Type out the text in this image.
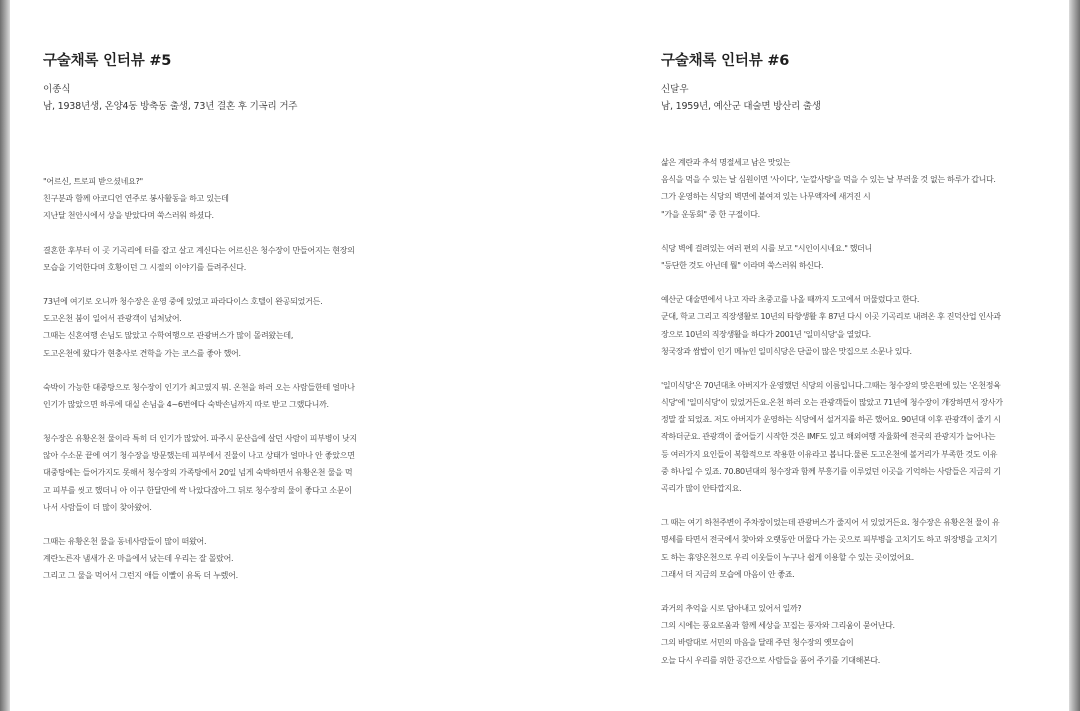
구술채록 인터뷰 #5

이종식

남, 1938년생, 온양4동 방축동 출생, 73년 결혼 후 기곡리 거주

"어르신, 트로피 받으셨네요?"
친구분과 함께 아코디언 연주로 봉사활동을 하고 있는데
지난달 천안시에서 상을 받았다며 쑥스러워 하셨다.
결혼한 후부터 이 곳 기곡리에 터를 잡고 살고 계신다는 어르신은 청수장이 만들어지는 현장의
모습을 기억한다며 호황이던 그 시절의 이야기를 들려주신다.
73년에 여기로 오니까 청수장은 운영 중에 있었고 파라다이스 호텔이 완공되었거든.
도고온천 붐이 일어서 관광객이 넘쳐났어.
그때는 신혼여행 손님도 많았고 수학여행으로 관광버스가 많이 몰려왔는데,
도고온천에 왔다가 현충사로 견학을 가는 코스를 좋아 했어.
숙박이 가능한 대중탕으로 청수장이 인기가 최고였지 뭐. 온천을 하러 오는 사람들한테 얼마나
인기가 많았으면 하루에 대실 손님을 4~6번에다 숙박손님까지 따로 받고 그랬다니까.
청수장은 유황온천 물이라 특히 더 인기가 많았어. 파주시 문산읍에 살던 사람이 피부병이 낫지
않아 수소문 끝에 여기 청수장을 방문했는데 피부에서 진물이 나고 상태가 얼마나 안 좋았으면
대중탕에는 들어가지도 못해서 청수장의 가족탕에서 20일 넘게 숙박하면서 유황온천 물을 먹
고 피부를 씻고 했더니 아 이구 한달만에 싹 나았다잖아.그 뒤로 청수장의 물이 좋다고 소문이
나서 사람들이 더 많이 찾아왔어.
그때는 유황온천 물을 동네사람들이 많이 떠왔어.
계란노른자 냄새가 온 마을에서 났는데 우리는 잘 몰랐어.
그리고 그 물을 먹어서 그런지 애들 이빨이 유독 더 누렜어.
구술채록 인터뷰 #6

신달우

남, 1959년, 예산군 대술면 방산리 출생

삶은 계란과 추석 명절세고 남은 맛있는
음식을 먹을 수 있는 날 심원이면 '사이다', '눈깔사탕'을 먹을 수 있는 날 부러울 것 없는 하루가 갑니다.
그가 운영하는 식당의 벽면에 붙여져 있는 나무액자에 새겨진 시
"가을 운동회" 중 한 구절이다.
식당 벽에 걸려있는 여러 편의 시를 보고 "시인이시네요." 했더니
"등단한 것도 아닌데 뭘" 이라며 쑥스러워 하신다.
예산군 대술면에서 나고 자라 초중고를 나올 때까지 도고에서 머물렀다고 한다.
군대, 학교 그리고 직장생활로 10년의 타향생활 후 87년 다시 이곳 기곡리로 내려온 후 진덕산업 인사과
장으로 10년의 직장생활을 하다가 2001년 '일미식당'을 열었다.
청국장과 쌈밥이 인기 메뉴인 일미식당은 단골이 많은 맛집으로 소문나 있다.
'일미식당'은 70년대초 아버지가 운영했던 식당의 이름입니다.그때는 청수장의 맞은편에 있는 '온천정육
식당'에 '일미식당'이 있었거든요.온천 하러 오는 관광객들이 많았고 71년에 청수장이 개장하면서 장사가
정말 잘 되었죠. 저도 아버지가 운영하는 식당에서 설거지를 하곤 했어요. 90년대 이후 관광객이 줄기 시
작하더군요. 관광객이 줄어들기 시작한 것은 IMF도 있고 해외여행 자율화에 전국의 관광지가 늘어나는
등 여러가지 요인들이 복합적으로 작용한 이유라고 봅니다.물론 도고온천에 볼거리가 부족한 것도 이유
중 하나일 수 있죠. 70.80년대의 청수장과 함께 부흥기를 이루었던 이곳을 기억하는 사람들은 지금의 기
곡리가 많이 안타깝지요.
그 때는 여기 하천주변이 주차장이었는데 관광버스가 줄지어 서 있었거든요. 청수장은 유황온천 물이 유
명세를 타면서 전국에서 찾아와 오랫동안 머물다 가는 곳으로 피부병을 고치기도 하고 위장병을 고치기
도 하는 휴양온천으로 우리 이웃들이 누구나 쉽게 이용할 수 있는 곳이었어요.
그래서 더 지금의 모습에 마음이 안 좋죠.
과거의 추억을 시로 담아내고 있어서 일까?
그의 시에는 풍요로움과 함께 세상을 꼬집는 풍자와 그리움이 묻어난다.
그의 바람대로 서민의 마음을 달래 주던 청수장의 옛모습이
오늘 다시 우리를 위한 공간으로 사람들을 품어 주기를 기대해본다.
